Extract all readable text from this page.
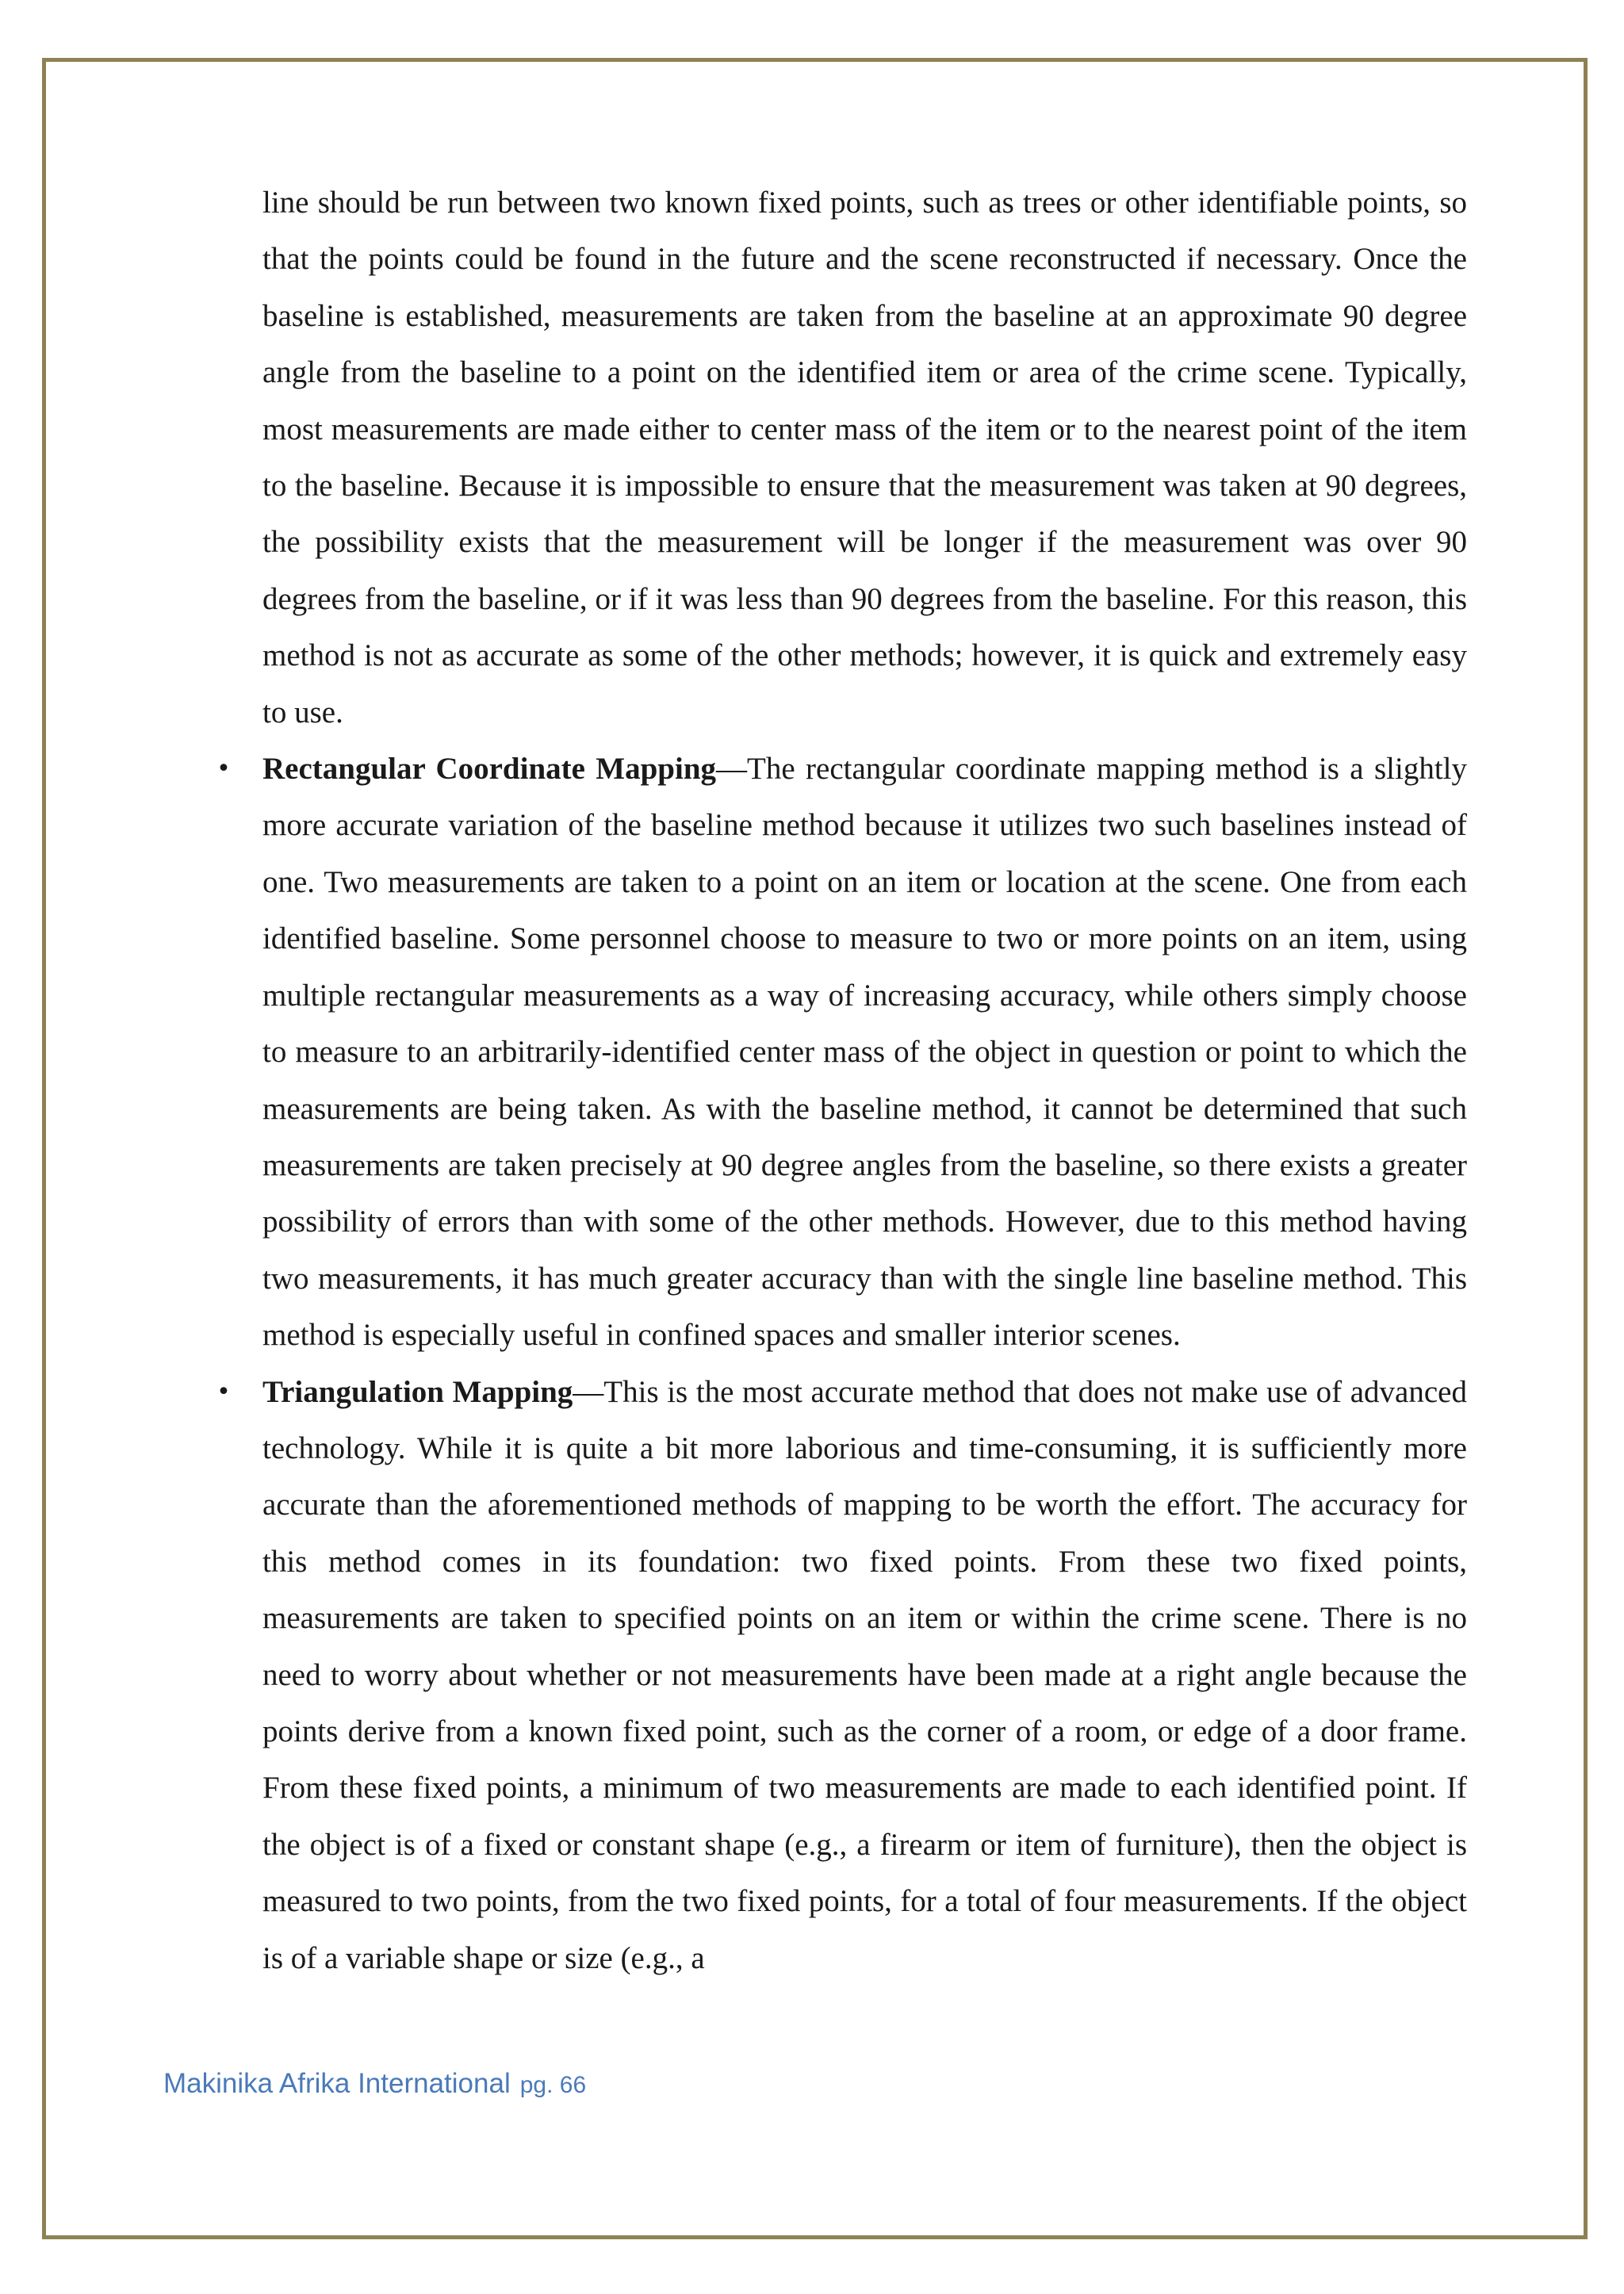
line should be run between two known fixed points, such as trees or other identifiable points, so that the points could be found in the future and the scene reconstructed if necessary. Once the baseline is established, measurements are taken from the baseline at an approximate 90 degree angle from the baseline to a point on the identified item or area of the crime scene. Typically, most measurements are made either to center mass of the item or to the nearest point of the item to the baseline. Because it is impossible to ensure that the measurement was taken at 90 degrees, the possibility exists that the measurement will be longer if the measurement was over 90 degrees from the baseline, or if it was less than 90 degrees from the baseline. For this reason, this method is not as accurate as some of the other methods; however, it is quick and extremely easy to use.

• Rectangular Coordinate Mapping—The rectangular coordinate mapping method is a slightly more accurate variation of the baseline method because it utilizes two such baselines instead of one. Two measurements are taken to a point on an item or location at the scene. One from each identified baseline. Some personnel choose to measure to two or more points on an item, using multiple rectangular measurements as a way of increasing accuracy, while others simply choose to measure to an arbitrarily-identified center mass of the object in question or point to which the measurements are being taken. As with the baseline method, it cannot be determined that such measurements are taken precisely at 90 degree angles from the baseline, so there exists a greater possibility of errors than with some of the other methods. However, due to this method having two measurements, it has much greater accuracy than with the single line baseline method. This method is especially useful in confined spaces and smaller interior scenes.
• Triangulation Mapping—This is the most accurate method that does not make use of advanced technology. While it is quite a bit more laborious and time-consuming, it is sufficiently more accurate than the aforementioned methods of mapping to be worth the effort. The accuracy for this method comes in its foundation: two fixed points. From these two fixed points, measurements are taken to specified points on an item or within the crime scene. There is no need to worry about whether or not measurements have been made at a right angle because the points derive from a known fixed point, such as the corner of a room, or edge of a door frame. From these fixed points, a minimum of two measurements are made to each identified point. If the object is of a fixed or constant shape (e.g., a firearm or item of furniture), then the object is measured to two points, from the two fixed points, for a total of four measurements. If the object is of a variable shape or size (e.g., a
Makinika Afrika International pg. 66
